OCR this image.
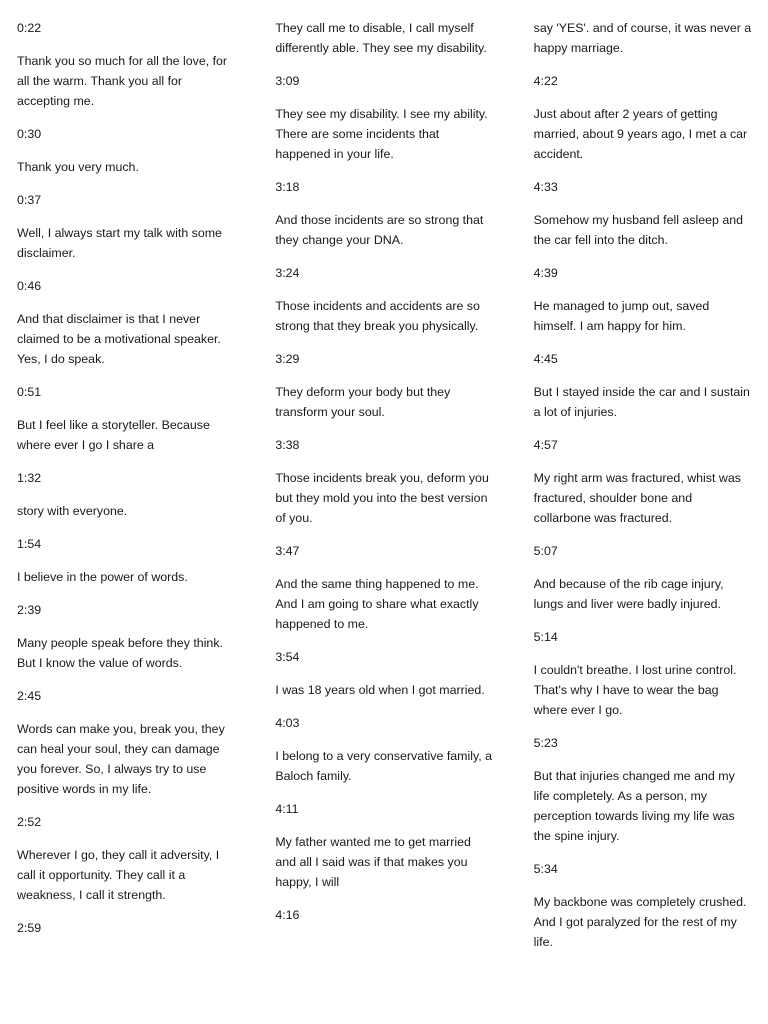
0:22
Thank you so much for all the love, for all the warm. Thank you all for accepting me.
0:30
Thank you very much.
0:37
Well, I always start my talk with some disclaimer.
0:46
And that disclaimer is that I never claimed to be a motivational speaker. Yes, I do speak.
0:51
But I feel like a storyteller. Because where ever I go I share a
1:32
story with everyone.
1:54
I believe in the power of words.
2:39
Many people speak before they think. But I know the value of words.
2:45
Words can make you, break you, they can heal your soul, they can damage you forever. So, I always try to use positive words in my life.
2:52
Wherever I go, they call it adversity, I call it opportunity. They call it a weakness, I call it strength.
2:59
They call me to disable, I call myself differently able. They see my disability.
3:09
They see my disability. I see my ability. There are some incidents that happened in your life.
3:18
And those incidents are so strong that they change your DNA.
3:24
Those incidents and accidents are so strong that they break you physically.
3:29
They deform your body but they transform your soul.
3:38
Those incidents break you, deform you but they mold you into the best version of you.
3:47
And the same thing happened to me. And I am going to share what exactly happened to me.
3:54
I was 18 years old when I got married.
4:03
I belong to a very conservative family, a Baloch family.
4:11
My father wanted me to get married and all I said was if that makes you happy, I will
4:16
say 'YES'. and of course, it was never a happy marriage.
4:22
Just about after 2 years of getting married, about 9 years ago, I met a car accident.
4:33
Somehow my husband fell asleep and the car fell into the ditch.
4:39
He managed to jump out, saved himself. I am happy for him.
4:45
But I stayed inside the car and I sustain a lot of injuries.
4:57
My right arm was fractured, whist was fractured, shoulder bone and collarbone was fractured.
5:07
And because of the rib cage injury, lungs and liver were badly injured.
5:14
I couldn't breathe. I lost urine control. That's why I have to wear the bag where ever I go.
5:23
But that injuries changed me and my life completely. As a person, my perception towards living my life was the spine injury.
5:34
My backbone was completely crushed. And I got paralyzed for the rest of my life.
